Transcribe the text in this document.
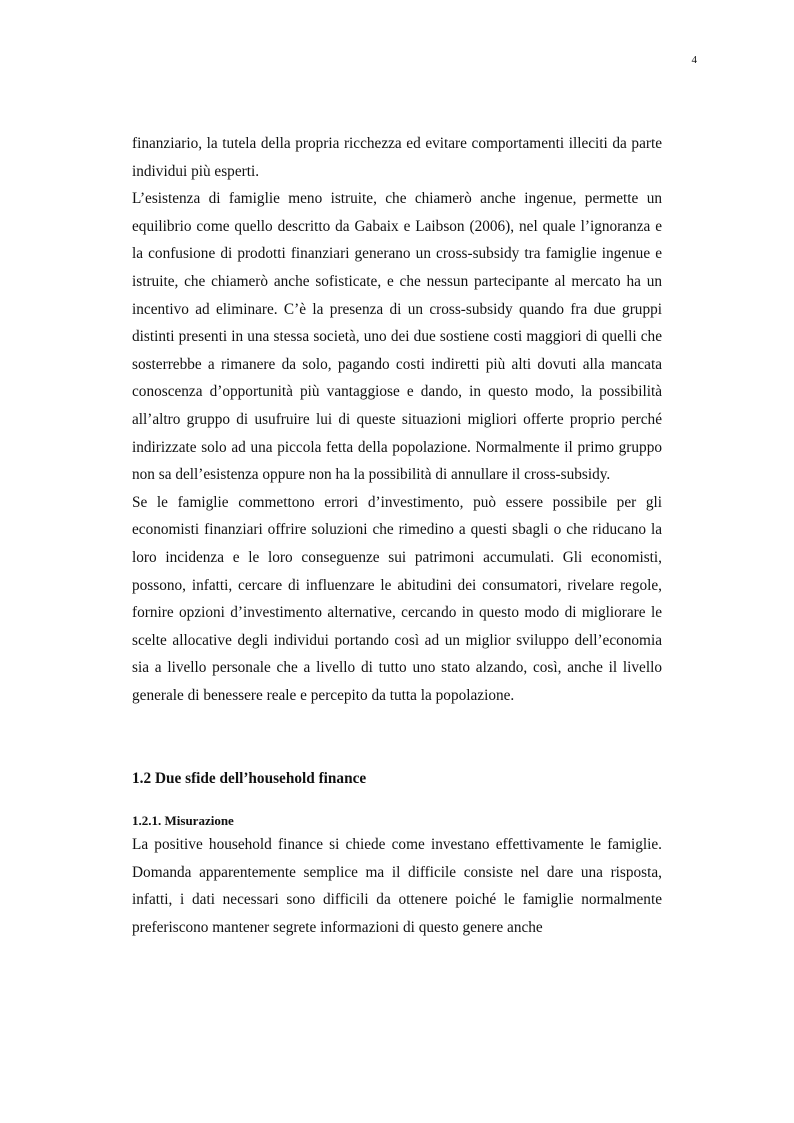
4

finanziario, la tutela della propria ricchezza ed evitare comportamenti illeciti da parte individui più esperti.

L’esistenza di famiglie meno istruite, che chiamerò anche ingenue, permette un equilibrio come quello descritto da Gabaix e Laibson (2006), nel quale l’ignoranza e la confusione di prodotti finanziari generano un cross-subsidy tra famiglie ingenue e istruite, che chiamerò anche sofisticate, e che nessun partecipante al mercato ha un incentivo ad eliminare. C’è la presenza di un cross-subsidy quando fra due gruppi distinti presenti in una stessa società, uno dei due sostiene costi maggiori di quelli che sosterrebbe a rimanere da solo, pagando costi indiretti più alti dovuti alla mancata conoscenza d’opportunità più vantaggiose e dando, in questo modo, la possibilità all’altro gruppo di usufruire lui di queste situazioni migliori offerte proprio perché indirizzate solo ad una piccola fetta della popolazione. Normalmente il primo gruppo non sa dell’esistenza oppure non ha la possibilità di annullare il cross-subsidy.

Se le famiglie commettono errori d’investimento, può essere possibile per gli economisti finanziari offrire soluzioni che rimedino a questi sbagli o che riducano la loro incidenza e le loro conseguenze sui patrimoni accumulati. Gli economisti, possono, infatti, cercare di influenzare le abitudini dei consumatori, rivelare regole, fornire opzioni d’investimento alternative, cercando in questo modo di migliorare le scelte allocative degli individui portando così ad un miglior sviluppo dell’economia sia a livello personale che a livello di tutto uno stato alzando, così, anche il livello generale di benessere reale e percepito da tutta la popolazione.

1.2 Due sfide dell’household finance
1.2.1. Misurazione

La positive household finance si chiede come investano effettivamente le famiglie. Domanda apparentemente semplice ma il difficile consiste nel dare una risposta, infatti, i dati necessari sono difficili da ottenere poiché le famiglie normalmente preferiscono mantener segrete informazioni di questo genere anche
